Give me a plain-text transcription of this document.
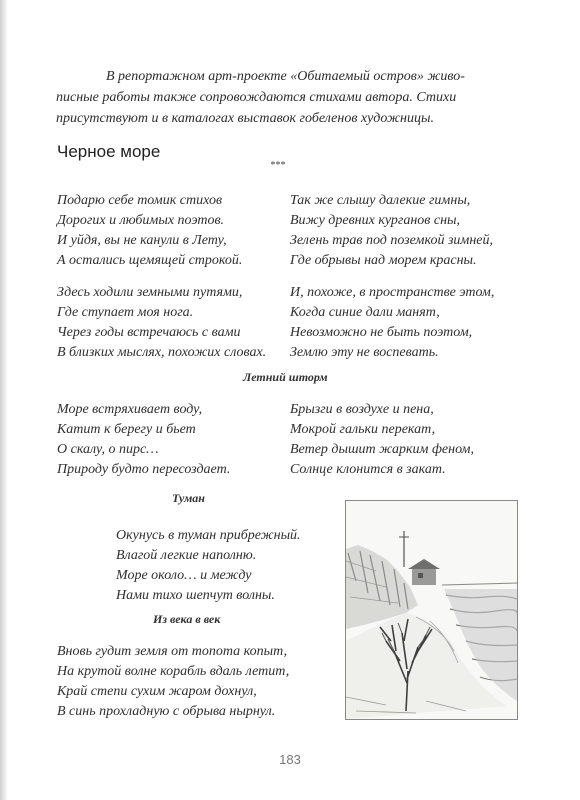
В репортажном арт-проекте «Обитаемый остров» живо-
писные работы также сопровождаются стихами автора. Стихи
присутствуют и в каталогах выставок гобеленов художницы.

Черное море
***
Подарю себе томик стихов
Дорогих и любимых поэтов.
И уйдя, вы не канули в Лету,
А остались щемящей строкой.
Так же слышу далекие гимны,
Вижу древних курганов сны,
Зелень трав под поземкой зимней,
Где обрывы над морем красны.
Здесь ходили земными путями,
Где ступает моя нога.
Через годы встречаюсь с вами
В близких мыслях, похожих словах.
И, похоже, в пространстве этом,
Когда синие дали манят,
Невозможно не быть поэтом,
Землю эту не воспевать.
Летний шторм
Море встряхивает воду,
Катит к берегу и бьет
О скалу, о пирс…
Природу будто пересоздает.
Брызги в воздухе и пена,
Мокрой гальки перекат,
Ветер дышит жарким феном,
Солнце клонится в закат.
Туман
Окунусь в туман прибрежный.
Влагой легкие наполню.
Море около… и между
Нами тихо шепчут волны.
Из века в век
Вновь гудит земля от топота копыт,
На крутой волне корабль вдаль летит,
Край степи сухим жаром дохнул,
В синь прохладную с обрыва нырнул.

183
